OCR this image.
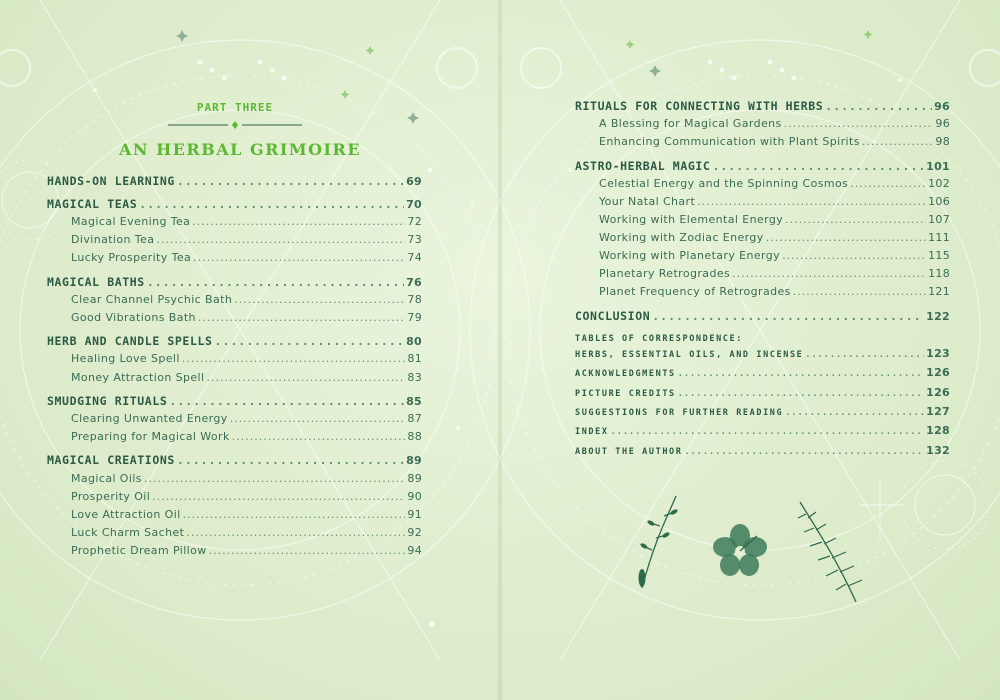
PART THREE
AN HERBAL GRIMOIRE
HANDS-ON LEARNING .....	69
MAGICAL TEAS .....	70
Magical Evening Tea .....	72
Divination Tea .....	73
Lucky Prosperity Tea .....	74
MAGICAL BATHS .....	76
Clear Channel Psychic Bath .....	78
Good Vibrations Bath .....	79
HERB AND CANDLE SPELLS .....	80
Healing Love Spell .....	81
Money Attraction Spell .....	83
SMUDGING RITUALS .....	85
Clearing Unwanted Energy .....	87
Preparing for Magical Work .....	88
MAGICAL CREATIONS .....	89
Magical Oils .....	89
Prosperity Oil .....	90
Love Attraction Oil .....	91
Luck Charm Sachet .....	92
Prophetic Dream Pillow .....	94
RITUALS FOR CONNECTING WITH HERBS .....	96
A Blessing for Magical Gardens .....	96
Enhancing Communication with Plant Spirits .....	98
ASTRO-HERBAL MAGIC .....	101
Celestial Energy and the Spinning Cosmos .....	102
Your Natal Chart .....	106
Working with Elemental Energy .....	107
Working with Zodiac Energy .....	111
Working with Planetary Energy .....	115
Planetary Retrogrades .....	118
Planet Frequency of Retrogrades .....	121
CONCLUSION .....	122
TABLES OF CORRESPONDENCE:
HERBS, ESSENTIAL OILS, AND INCENSE .....	123
ACKNOWLEDGMENTS .....	126
PICTURE CREDITS .....	126
SUGGESTIONS FOR FURTHER READING .....	127
INDEX .....	128
ABOUT THE AUTHOR .....	132
